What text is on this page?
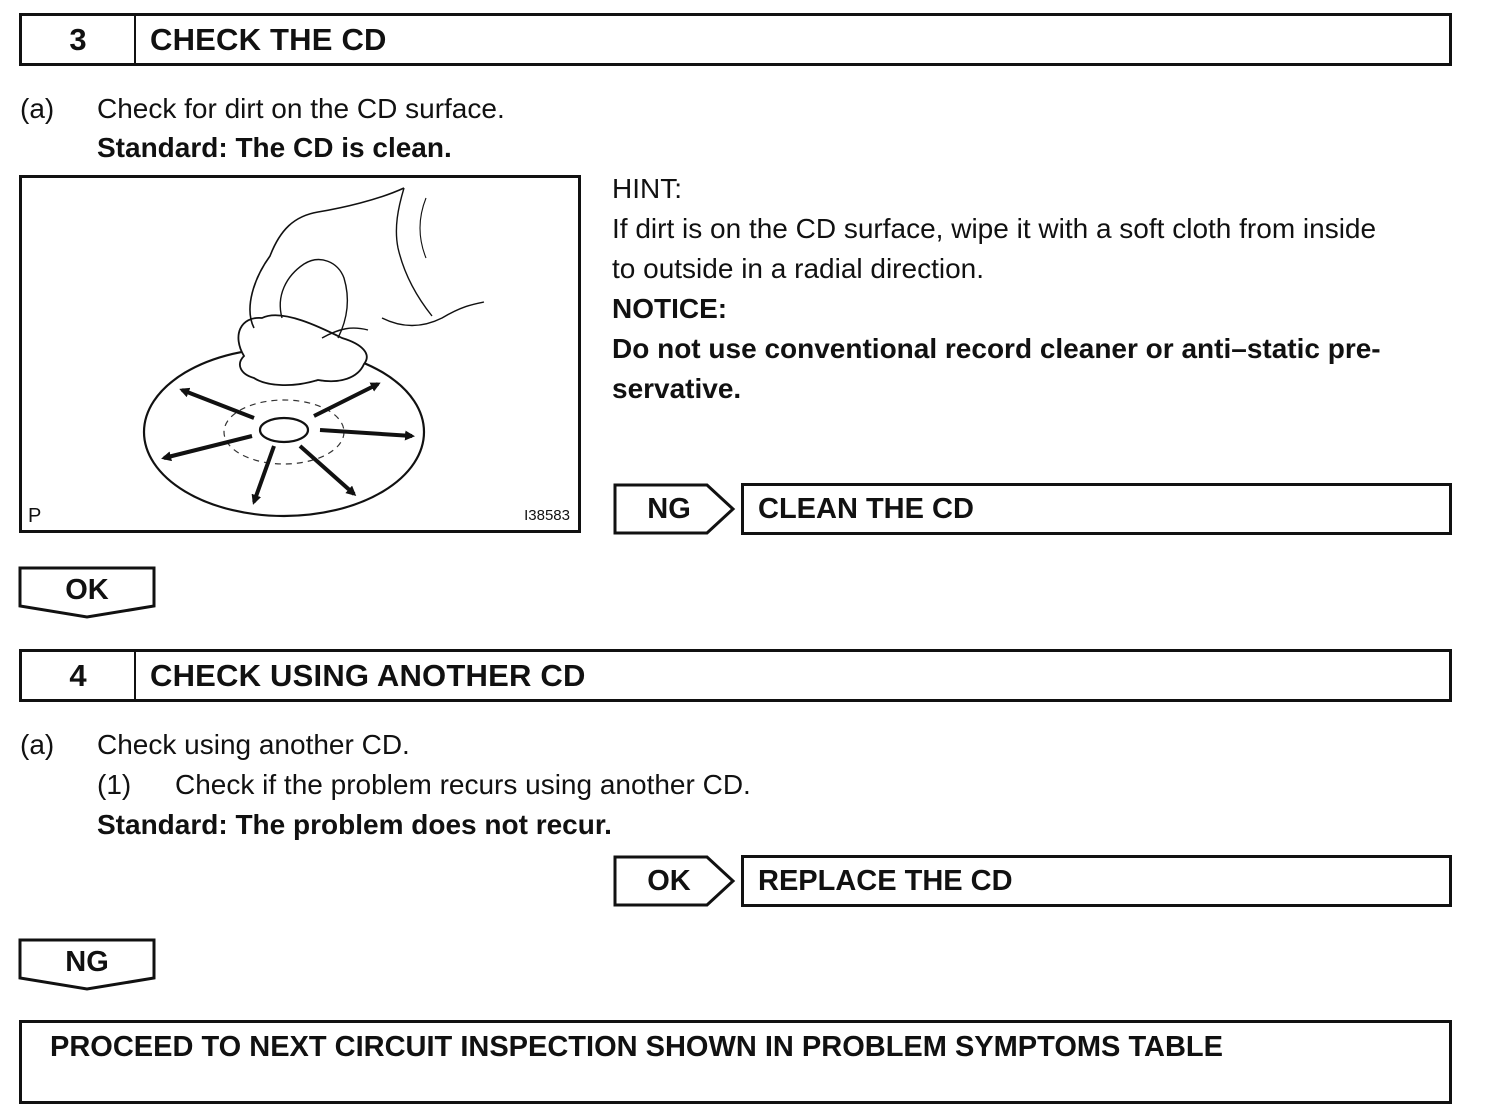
3	CHECK THE CD
(a) Check for dirt on the CD surface.
Standard: The CD is clean.
P	I38583
HINT:
If dirt is on the CD surface, wipe it with a soft cloth from inside
to outside in a radial direction.
NOTICE:
Do not use conventional record cleaner or anti–static pre-
servative.
NG	CLEAN THE CD
OK
4	CHECK USING ANOTHER CD
(a) Check using another CD.
(1) Check if the problem recurs using another CD.
Standard: The problem does not recur.
OK	REPLACE THE CD
NG
PROCEED TO NEXT CIRCUIT INSPECTION SHOWN IN PROBLEM SYMPTOMS TABLE
